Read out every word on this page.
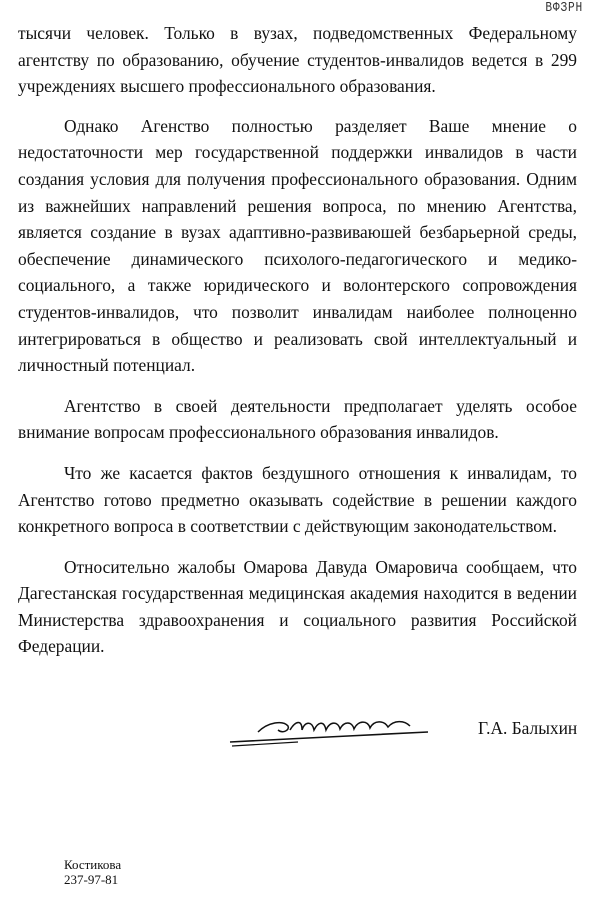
ВФЗРН

тысячи человек. Только в вузах, подведомственных Федеральному агентству по образованию, обучение студентов-инвалидов ведется в 299 учреждениях высшего профессионального образования.

Однако Агенство полностью разделяет Ваше мнение о недостаточности мер государственной поддержки инвалидов в части создания условия для получения профессионального образования. Одним из важнейших направлений решения вопроса, по мнению Агентства, является создание в вузах адаптивно-развиваюшей безбарьерной среды, обеспечение динамического психолого-педагогического и медико-социального, а также юридического и волонтерского сопровождения студентов-инвалидов, что позволит инвалидам наиболее полноценно интегрироваться в общество и реализовать свой интеллектуальный и личностный потенциал.

Агентство в своей деятельности предполагает уделять особое внимание вопросам профессионального образования инвалидов.

Что же касается фактов бездушного отношения к инвалидам, то Агентство готово предметно оказывать содействие в решении каждого конкретного вопроса в соответствии с действующим законодательством.

Относительно жалобы Омарова Давуда Омаровича сообщаем, что Дагестанская государственная медицинская академия находится в ведении Министерства здравоохранения и социального развития Российской Федерации.

Г.А. Балыхин
Костикова
237-97-81
